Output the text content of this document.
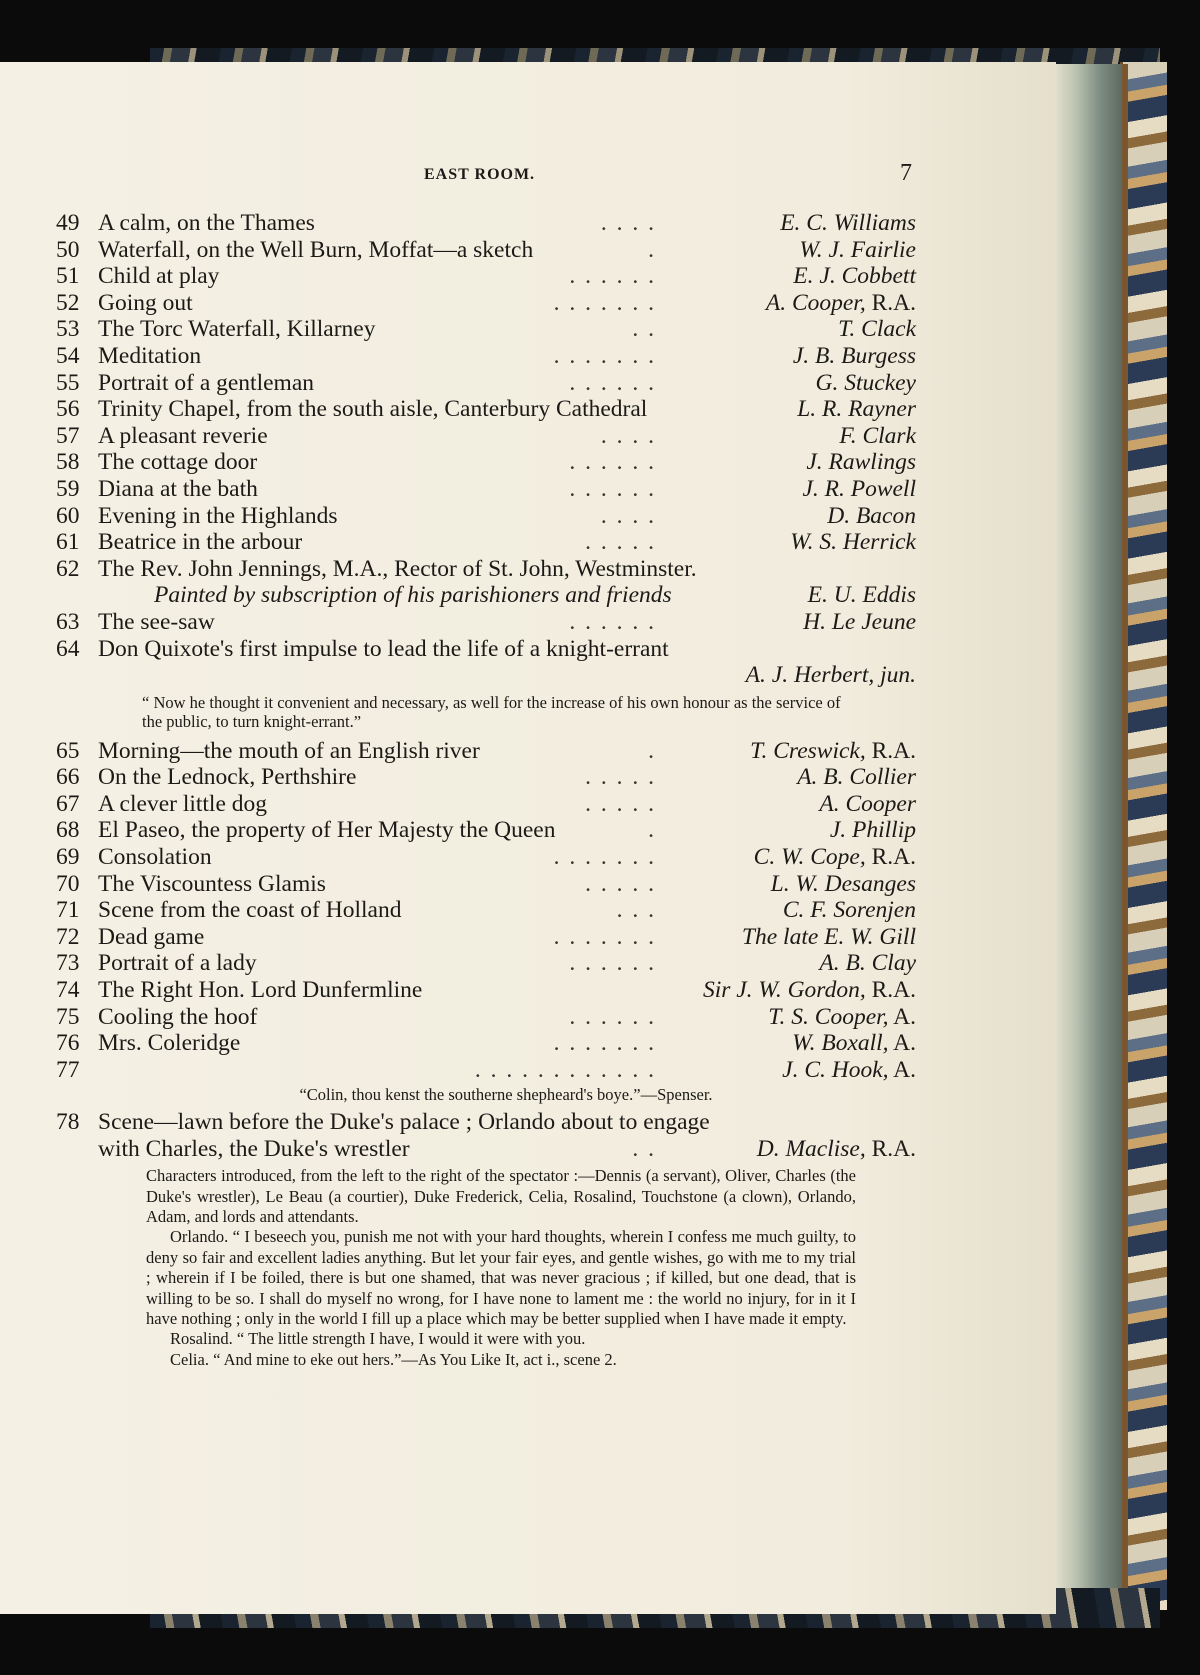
EAST ROOM.	7
49 A calm, on the Thames	. . . .	E. C. Williams
50 Waterfall, on the Well Burn, Moffat—a sketch	.	W. J. Fairlie
51 Child at play	. . . . . .	E. J. Cobbett
52 Going out	. . . . . . .	A. Cooper, R.A.
53 The Torc Waterfall, Killarney	. .	T. Clack
54 Meditation	. . . . . . .	J. B. Burgess
55 Portrait of a gentleman	. . . . . .	G. Stuckey
56 Trinity Chapel, from the south aisle, Canterbury Cathedral	L. R. Rayner
57 A pleasant reverie	. . . .	F. Clark
58 The cottage door	. . . . . .	J. Rawlings
59 Diana at the bath	. . . . . .	J. R. Powell
60 Evening in the Highlands	. . . .	D. Bacon
61 Beatrice in the arbour	. . . . .	W. S. Herrick
62 The Rev. John Jennings, M.A., Rector of St. John, Westminster.
Painted by subscription of his parishioners and friends	E. U. Eddis
63 The see-saw	. . . . . .	H. Le Jeune
64 Don Quixote's first impulse to lead the life of a knight-errant
A. J. Herbert, jun.
“ Now he thought it convenient and necessary, as well for the increase of his own honour as the service of the public, to turn knight-errant.”
65 Morning—the mouth of an English river	.	T. Creswick, R.A.
66 On the Lednock, Perthshire	. . . . .	A. B. Collier
67 A clever little dog	. . . . .	A. Cooper
68 El Paseo, the property of Her Majesty the Queen	.	J. Phillip
69 Consolation	. . . . . . .	C. W. Cope, R.A.
70 The Viscountess Glamis	. . . . .	L. W. Desanges
71 Scene from the coast of Holland	. . .	C. F. Sorenjen
72 Dead game	. . . . . . .	The late E. W. Gill
73 Portrait of a lady	. . . . . .	A. B. Clay
74 The Right Hon. Lord Dunfermline	Sir J. W. Gordon, R.A.
75 Cooling the hoof	. . . . . .	T. S. Cooper, A.
76 Mrs. Coleridge	. . . . . . .	W. Boxall, A.
77	. . . . . . . . . . . .	J. C. Hook, A.
“Colin, thou kenst the southerne shepheard's boye.”—Spenser.
78 Scene—lawn before the Duke's palace ; Orlando about to engage
with Charles, the Duke's wrestler	. .	D. Maclise, R.A.

Characters introduced, from the left to the right of the spectator :—Dennis (a servant), Oliver, Charles (the Duke's wrestler), Le Beau (a courtier), Duke Frederick, Celia, Rosalind, Touchstone (a clown), Orlando, Adam, and lords and attendants.

Orlando. “ I beseech you, punish me not with your hard thoughts, wherein I confess me much guilty, to deny so fair and excellent ladies anything. But let your fair eyes, and gentle wishes, go with me to my trial ; wherein if I be foiled, there is but one shamed, that was never gracious ; if killed, but one dead, that is willing to be so. I shall do myself no wrong, for I have none to lament me : the world no injury, for in it I have nothing ; only in the world I fill up a place which may be better supplied when I have made it empty.

Rosalind. “ The little strength I have, I would it were with you.

Celia. “ And mine to eke out hers.”—As You Like It, act i., scene 2.
